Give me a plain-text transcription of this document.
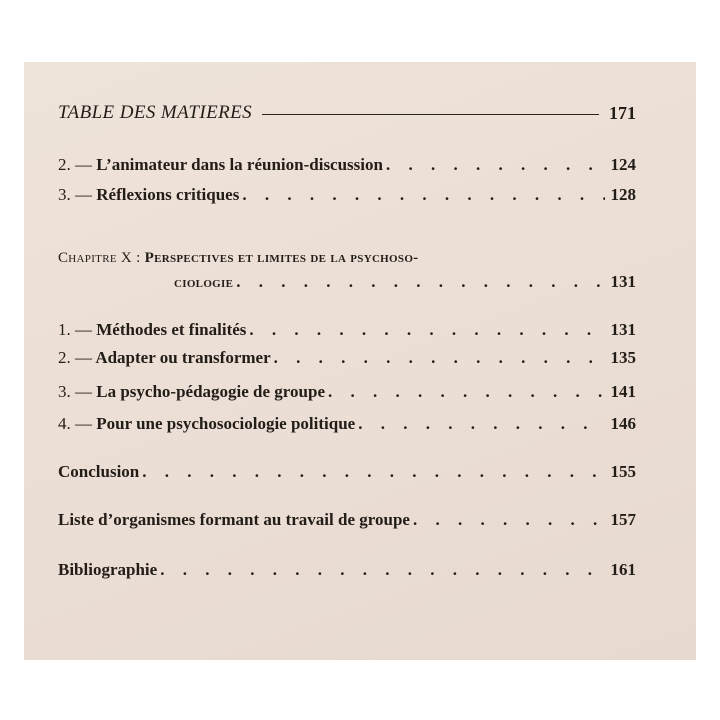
TABLE DES MATIERES	171
2. — L’animateur dans la réunion-discussion . . .	124
3. — Réflexions critiques . . .	128
Chapitre X : Perspectives et limites de la psychoso-
ciologie . . .	131
1. — Méthodes et finalités . . .	131
2. — Adapter ou transformer . . .	135
3. — La psycho-pédagogie de groupe . . .	141
4. — Pour une psychosociologie politique . . .	146
Conclusion . . .	155
Liste d’organismes formant au travail de groupe . . .	157
Bibliographie . . .	161
